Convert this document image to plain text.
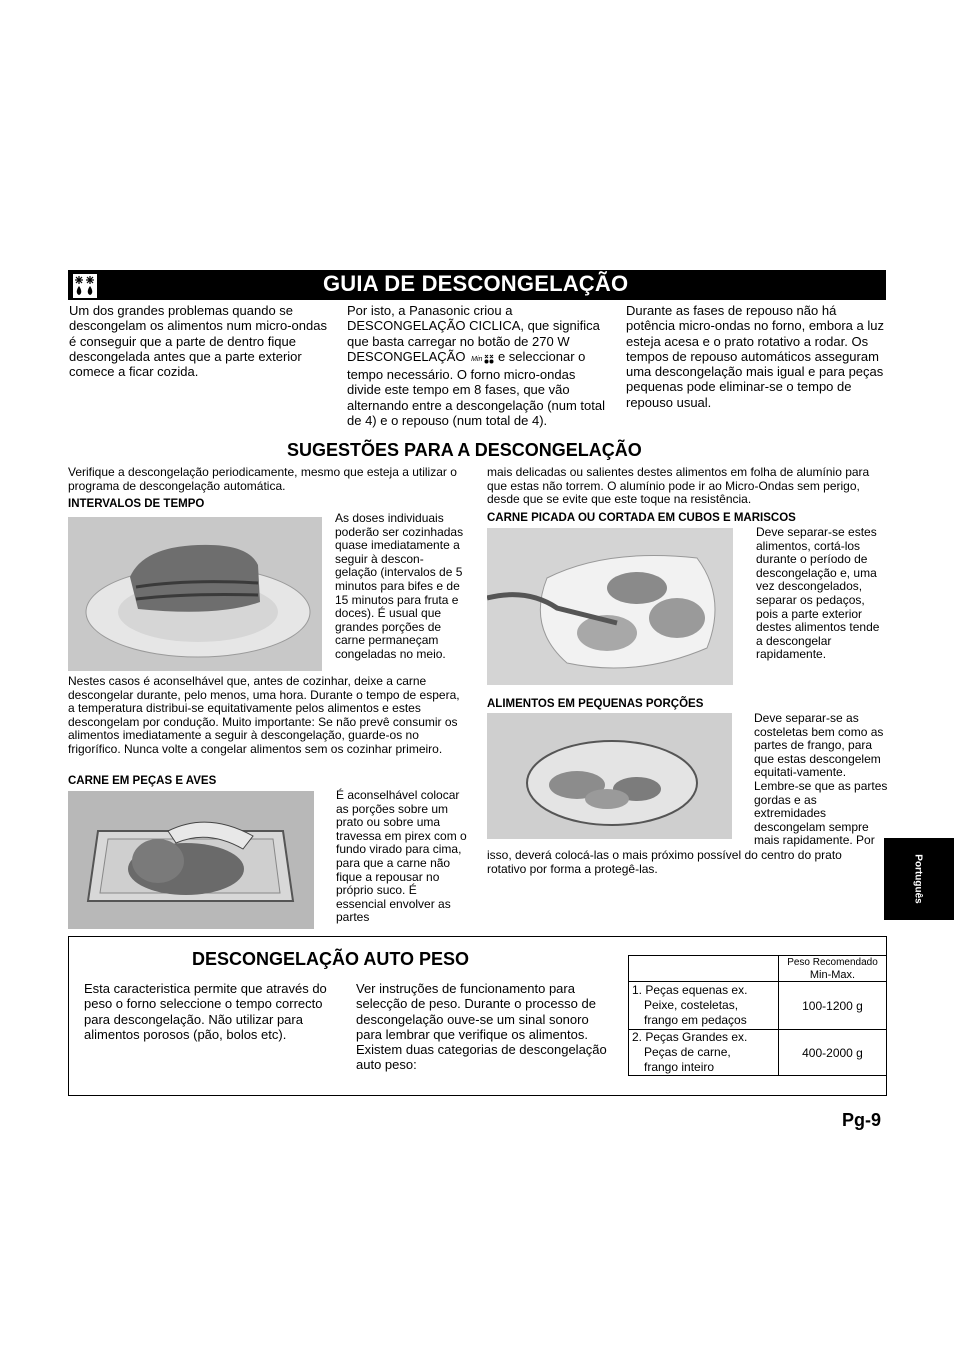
GUIA DE DESCONGELAÇÃO
Um dos grandes problemas quando se descongelam os alimentos num micro-ondas é conseguir que a parte de dentro fique descongelada antes que a parte exterior comece a ficar cozida.
Por isto, a Panasonic criou a DESCONGELAÇÃO CICLICA, que significa que basta carregar no botão de 270 W DESCONGELAÇÃO Min e seleccionar o tempo necessário. O forno micro-ondas divide este tempo em 8 fases, que vão alternando entre a descongelação (num total de 4) e o repouso (num total de 4).
Durante as fases de repouso não há potência micro-ondas no forno, embora a luz esteja acesa e o prato rotativo a rodar. Os tempos de repouso automáticos asseguram uma descongelação mais igual e para peças pequenas pode eliminar-se o tempo de repouso usual.
SUGESTÕES PARA A DESCONGELAÇÃO
Verifique a descongelação periodicamente, mesmo que esteja a utilizar o programa de descongelação automática.
INTERVALOS DE TEMPO
As doses individuais poderão ser cozinhadas quase imediatamente a seguir à descon-gelação (intervalos de 5 minutos para bifes e de 15 minutos para fruta e doces). É usual que grandes porções de carne permaneçam congeladas no meio.
Nestes casos é aconselhável que, antes de cozinhar, deixe a carne descongelar durante, pelo menos, uma hora. Durante o tempo de espera, a temperatura distribui-se equitativamente pelos alimentos e estes descongelam por condução. Muito importante: Se não prevê consumir os alimentos imediatamente a seguir à descongelação, guarde-os no frigorífico. Nunca volte a congelar alimentos sem os cozinhar primeiro.
CARNE EM PEÇAS E AVES
É aconselhável colocar as porções sobre um prato ou sobre uma travessa em pirex com o fundo virado para cima, para que a carne não fique a repousar no próprio suco. É essencial envolver as partes
mais delicadas ou salientes destes alimentos em folha de alumínio para que estas não torrem. O alumínio pode ir ao Micro-Ondas sem perigo, desde que se evite que este toque na resistência.
CARNE PICADA OU CORTADA EM CUBOS E MARISCOS
Deve separar-se estes alimentos, cortá-los durante o período de descongelação e, uma vez descongelados, separar os pedaços, pois a parte exterior destes alimentos tende a descongelar rapidamente.
ALIMENTOS EM PEQUENAS PORÇÕES
Deve separar-se as costeletas bem como as partes de frango, para que estas descongelem equitati-vamente. Lembre-se que as partes gordas e as extremidades descongelam sempre mais rapidamente. Por
isso, deverá colocá-las o mais próximo possível do centro do prato rotativo por forma a protegê-las.	Português
DESCONGELAÇÃO AUTO PESO
Esta caracteristica permite que através do peso o forno seleccione o tempo correcto para descongelação. Não utilizar para alimentos porosos (pão, bolos etc).
Ver instruções de funcionamento para selecção de peso. Durante o processo de descongelação ouve-se um sinal sonoro para lembrar que verifique os alimentos. Existem duas categorias de descongelação auto peso:

	Peso Recomendado
Min-Max.

1. Peças equenas ex.
Peixe, costeletas,
frango em pedaços	100-1200 g

2. Peças Grandes ex.
Peças de carne,
frango inteiro	400-2000 g
Pg-9
